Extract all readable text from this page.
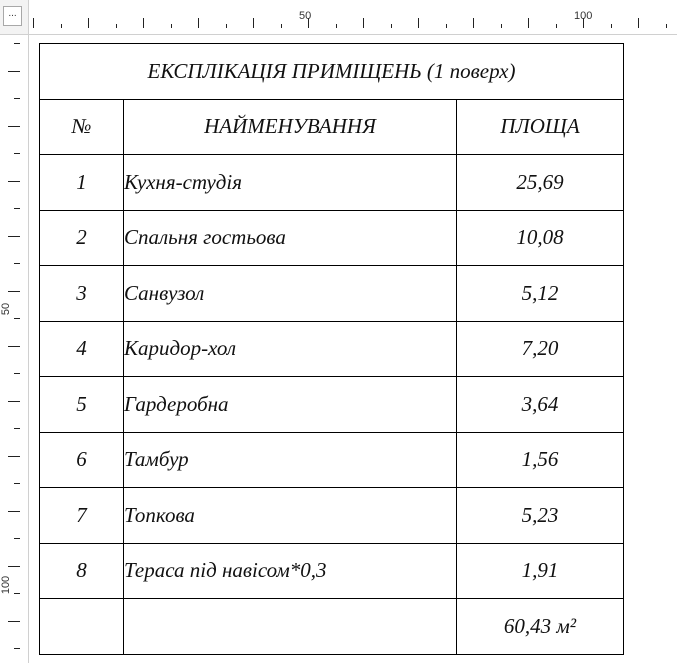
...	50	100
50
100
ЕКСПЛІКАЦІЯ ПРИМІЩЕНЬ (1 поверх)		
№	НАЙМЕНУВАННЯ	ПЛОЩА
1	Кухня-студія	25,69
2	Спальня гостьова	10,08
3	Санвузол	5,12
4	Каридор-хол	7,20
5	Гардеробна	3,64
6	Тамбур	1,56
7	Топкова	5,23
8	Тераса під навісом*0,3	1,91
		60,43 м²
